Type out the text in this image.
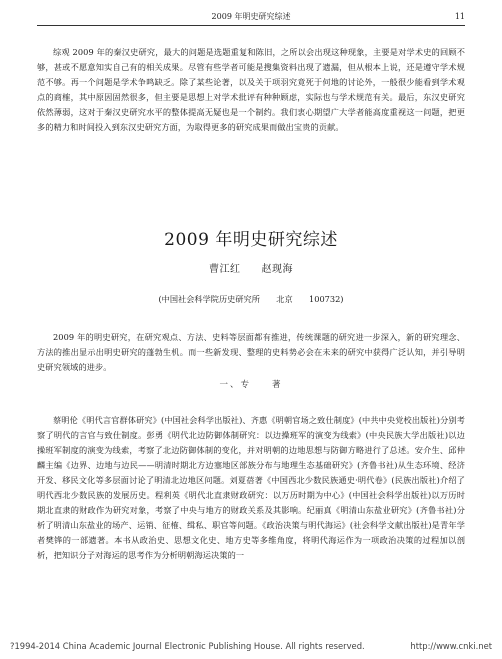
2009 年明史研究综述	11

综观 2009 年的秦汉史研究，最大的问题是选题重复和陈旧，之所以会出现这种现象，主要是对学术史的回顾不够，甚或不愿意知实自己有的相关成果。尽管有些学者可能是搜集资料出现了遗漏，但从根本上说，还是遵守学术规范不够。再一个问题是学术争鸣缺乏。除了某些论著，以及关于项羽究竟死于何地的讨论外，一般很少能看到学术观点的商榷，其中原因固然很多，但主要是思想上对学术批评有种种顾虑，实际也与学术规范有关。最后，东汉史研究依然薄弱，这对于秦汉史研究水平的整体提高无疑也是一个制约。我们衷心期望广大学者能高度重视这一问题，把更多的精力和时间投入到东汉史研究方面，为取得更多的研究成果而做出宝贵的贡献。

2009 年明史研究综述
曹江红　　赵现海
(中国社会科学院历史研究所　　北京　　100732)

2009 年的明史研究，在研究观点、方法、史料等层面都有推进，传统课题的研究进一步深入，新的研究理念、方法的推出显示出明史研究的蓬勃生机。而一些新发现、整理的史料势必会在未来的研究中获得广泛认知，并引导明史研究领域的进步。

一、专　　著

蔡明伦《明代言官群体研究》(中国社会科学出版社)、齐惠《明朝官场之致仕制度》(中共中央党校出版社)分别考察了明代的言官与致仕制度。彭勇《明代北边防御体制研究：以边操班军的演变为线索》(中央民族大学出版社)以边操班军制度的演变为线索，考察了北边防御体制的变化，并对明朝的边地思想与防御方略进行了总述。安介生、邱仲麟主编《边界、边地与边民——明清时期北方边塞地区部族分布与地理生态基础研究》(齐鲁书社)从生态环境、经济开发、移民文化等多层面讨论了明清北边地区问题。刘夏蓓著《中国西北少数民族通史·明代卷》(民族出版社)介绍了明代西北少数民族的发展历史。程利英《明代北直隶财政研究：以万历时期为中心》(中国社会科学出版社)以万历时期北直隶的财政作为研究对象，考察了中央与地方的财政关系及其影响。纪丽真《明清山东盐业研究》(齐鲁书社)分析了明清山东盐业的场产、运销、征榷、缉私、职官等问题。《政治决策与明代海运》(社会科学文献出版社)是青年学者樊铧的一部遗著。本书从政治史、思想文化史、地方史等多维角度，将明代海运作为一项政治决策的过程加以剖析，把知识分子对海运的思考作为分析明朝海运决策的一

?1994-2014 China Academic Journal Electronic Publishing House. All rights reserved.	http://www.cnki.net
